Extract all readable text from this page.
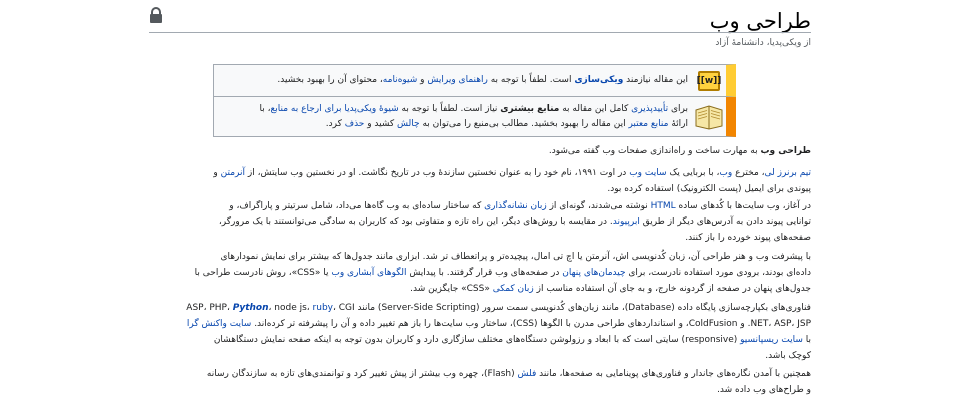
طراحی وب
از ویکی‌پدیا، دانشنامهٔ آزاد
[[w]]
این مقاله نیازمند ویکی‌سازی است. لطفاً با توجه به راهنمای ویرایش و شیوه‌نامه، محتوای آن را بهبود بخشید.
برای تأییدپذیری کامل این مقاله به منابع بیشتری نیاز است. لطفاً با توجه به شیوهٔ ویکی‌پدیا برای ارجاع به منابع، با
ارائهٔ منابع معتبر این مقاله را بهبود بخشید. مطالب بی‌منبع را می‌توان به چالش کشید و حذف کرد.
طراحی وب به مهارت ساخت و راه‌اندازی صفحات وب گفته می‌شود.
تیم برنرز لی، مخترع وب، با بربایی یک سایت وب در اوت ۱۹۹۱، نام خود را به عنوان نخستین سازندهٔ وب در تاریخ نگاشت. او در نخستین وب سایتش، از آنرمتن و
پیوندی برای ایمیل (پست الکترونیک) استفاده کرده بود.
در آغاز، وب سایت‌ها با کُدهای ساده HTML نوشته می‌شدند، گونه‌ای از زبان نشانه‌گذاری که ساختار ساده‌ای به وب گاه‌ها می‌داد، شامل سرتیتر و پاراگراف، و
توانایی پیوند دادن به آدرس‌های دیگر از طریق ابرپیوند. در مقایسه با روش‌های دیگر، این راه تازه و متفاوتی بود که کاربران به سادگی می‌توانستند با یک مرورگر،
صفحه‌های پیوند خورده را باز کنند.
با پیشرفت وب و هنر طراحی آن، زبان کُدنویسی اش، آنرمتن یا اچ تی امال، پیچیده‌تر و پراتعطاف تر شد. ابزاری مانند جدول‌ها که بیشتر برای نمایش نمودارهای
داده‌ای بودند، برودی مورد استفاده نادرست، برای چیدمان‌های پنهان در صفحه‌های وب قرار گرفتند. با پیدایش الگوهای آبشاری وب یا «CSS»، روش نادرست طراحی با
جدول‌های پنهان در صفحه از گردونه خارج، و به جای آن استفاده مناسب از زبان کمکی «CSS» جایگزین شد.
فناوری‌های بکپارچه‌سازی پایگاه داده (Database)، مانند زبان‌های کُدنویسی سمت سرور (Server-Side Scripting) مانند ASP، PHP، Python، node js، ruby، CGI
NET، ASP، JSP. و ColdFusion، و استانداردهای طراحی مدرن با الگوها (CSS)، ساختار وب سایت‌ها را باز هم تغییر داده و آن را پیشرفته تر کرده‌اند. سایت واکنش گرا
با سایت ریسپانسیو (responsive) سایتی است که با ابعاد و رزولوشن دستگاه‌های مختلف سازگاری دارد و کاربران بدون توجه به اینکه صفحه نمایش دستگاهشان
کوچک باشد.
همچنین با آمدن نگاره‌های جاندار و فناوری‌های پوینامایی به صفحه‌ها، مانند فلش (Flash)، چهره وب بیشتر از پیش تغییر کرد و توانمندی‌های تازه به سازندگان رسانه
و طراح‌های وب داده شد.
